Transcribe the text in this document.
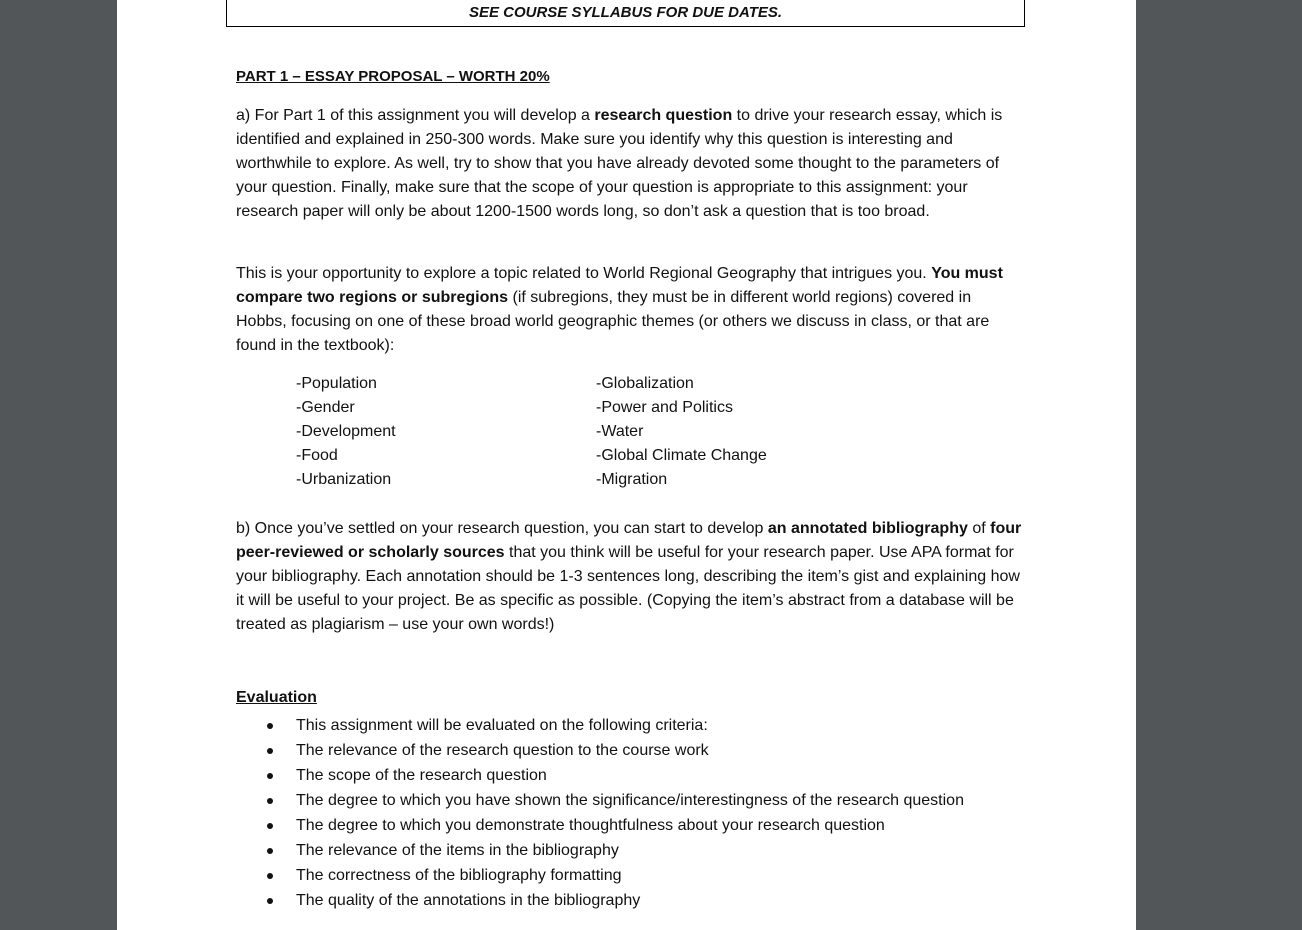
SEE COURSE SYLLABUS FOR DUE DATES.
PART 1 – ESSAY PROPOSAL – WORTH 20%

a) For Part 1 of this assignment you will develop a research question to drive your research essay, which is identified and explained in 250-300 words. Make sure you identify why this question is interesting and worthwhile to explore. As well, try to show that you have already devoted some thought to the parameters of your question. Finally, make sure that the scope of your question is appropriate to this assignment: your research paper will only be about 1200-1500 words long, so don’t ask a question that is too broad.

This is your opportunity to explore a topic related to World Regional Geography that intrigues you. You must compare two regions or subregions (if subregions, they must be in different world regions) covered in Hobbs, focusing on one of these broad world geographic themes (or others we discuss in class, or that are found in the textbook):

-Population
-Gender
-Development
-Food
-Urbanization
-Globalization
-Power and Politics
-Water
-Global Climate Change
-Migration

b) Once you’ve settled on your research question, you can start to develop an annotated bibliography of four peer-reviewed or scholarly sources that you think will be useful for your research paper. Use APA format for your bibliography. Each annotation should be 1-3 sentences long, describing the item’s gist and explaining how it will be useful to your project. Be as specific as possible. (Copying the item’s abstract from a database will be treated as plagiarism – use your own words!)

Evaluation
This assignment will be evaluated on the following criteria:
The relevance of the research question to the course work
The scope of the research question
The degree to which you have shown the significance/interestingness of the research question
The degree to which you demonstrate thoughtfulness about your research question
The relevance of the items in the bibliography
The correctness of the bibliography formatting
The quality of the annotations in the bibliography
